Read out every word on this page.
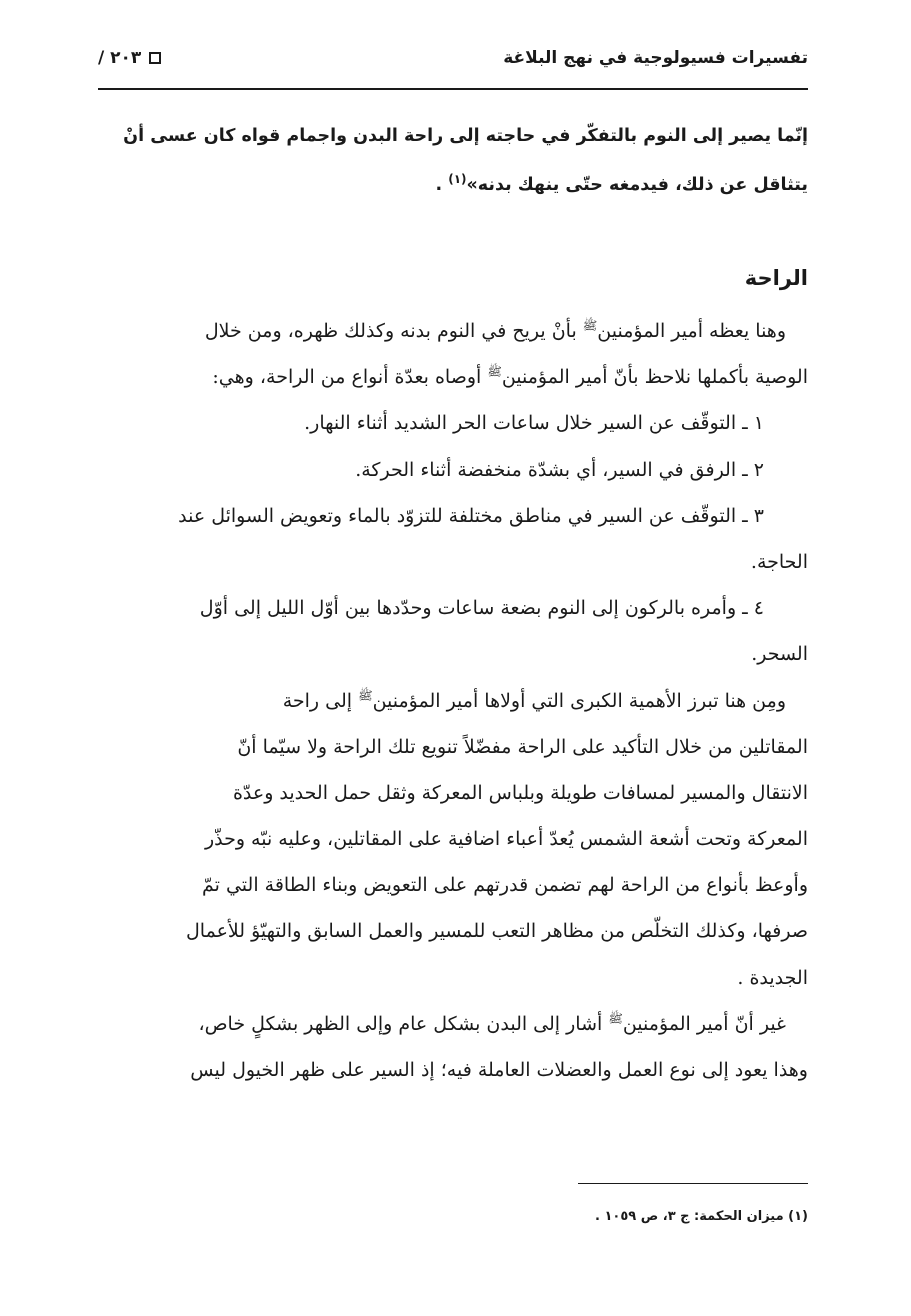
تفسيرات فسيولوجية في نهج البلاغة
٢٠٣ /

إنّما يصير إلى النوم بالتفكّر في حاجته إلى راحة البدن واجمام قواه كان عسى أنْ

يتثاقل عن ذلك، فيدمغه حتّى ينهك بدنه»$^{(١)}$ .

الراحة
وهنا يعظه أمير المؤمنين$^ﷺ$ بأنْ يريح في النوم بدنه وكذلك ظهره، ومن خلال
الوصية بأكملها نلاحظ بأنّ أمير المؤمنين$^ﷺ$ أوصاه بعدّة أنواع من الراحة، وهي:
١ ـ التوقّف عن السير خلال ساعات الحر الشديد أثناء النهار.
٢ ـ الرفق في السير، أي بشدّة منخفضة أثناء الحركة.
٣ ـ التوقّف عن السير في مناطق مختلفة للتزوّد بالماء وتعويض السوائل عند
الحاجة.
٤ ـ وأمره بالركون إلى النوم بضعة ساعات وحدّدها بين أوّل الليل إلى أوّل
السحر.
ومِن هنا تبرز الأهمية الكبرى التي أولاها أمير المؤمنين$^ﷺ$ إلى راحة
المقاتلين من خلال التأكيد على الراحة مفضّلاً تنويع تلك الراحة ولا سيّما أنّ
الانتقال والمسير لمسافات طويلة وبلباس المعركة وثقل حمل الحديد وعدّة
المعركة وتحت أشعة الشمس يُعدّ أعباء اضافية على المقاتلين، وعليه نبّه وحذّر
وأوعظ بأنواع من الراحة لهم تضمن قدرتهم على التعويض وبناء الطاقة التي تمّ
صرفها، وكذلك التخلّص من مظاهر التعب للمسير والعمل السابق والتهيّؤ للأعمال
الجديدة .
غير أنّ أمير المؤمنين$^ﷺ$ أشار إلى البدن بشكل عام وإلى الظهر بشكلٍ خاص،
وهذا يعود إلى نوع العمل والعضلات العاملة فيه؛ إذ السير على ظهر الخيول ليس

(١) ميزان الحكمة: ج ٣، ص ١٠٥٩ .
